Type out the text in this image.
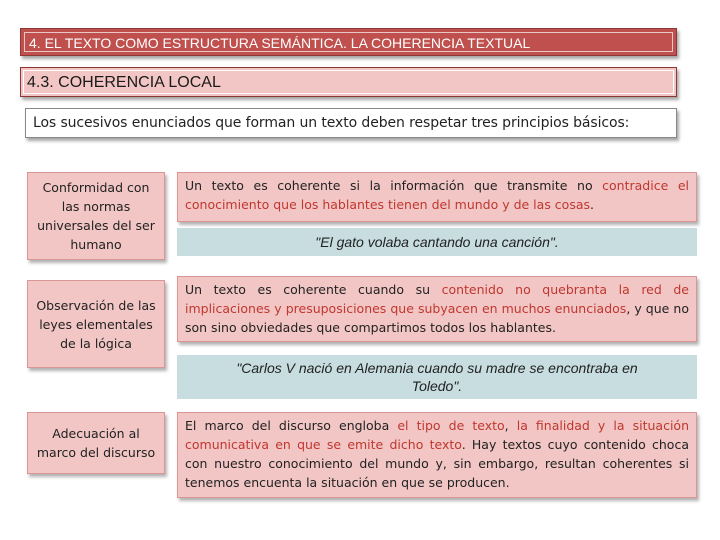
4. EL TEXTO COMO ESTRUCTURA SEMÁNTICA. LA COHERENCIA TEXTUAL
4.3. COHERENCIA LOCAL
Los sucesivos enunciados que forman un texto deben respetar tres principios básicos:
Conformidad con las normas universales del ser humano
Un texto es coherente si la información que transmite no contradice el conocimiento que los hablantes tienen del mundo y de las cosas.
"El gato volaba cantando una canción".
Observación de las leyes elementales de la lógica
Un texto es coherente cuando su contenido no quebranta la red de implicaciones y presuposiciones que subyacen en muchos enunciados, y que no son sino obviedades que compartimos todos los hablantes.
"Carlos V nació en Alemania cuando su madre se encontraba en Toledo".
Adecuación al marco del discurso
El marco del discurso engloba el tipo de texto, la finalidad y la situación comunicativa en que se emite dicho texto. Hay textos cuyo contenido choca con nuestro conocimiento del mundo y, sin embargo, resultan coherentes si tenemos encuenta la situación en que se producen.
